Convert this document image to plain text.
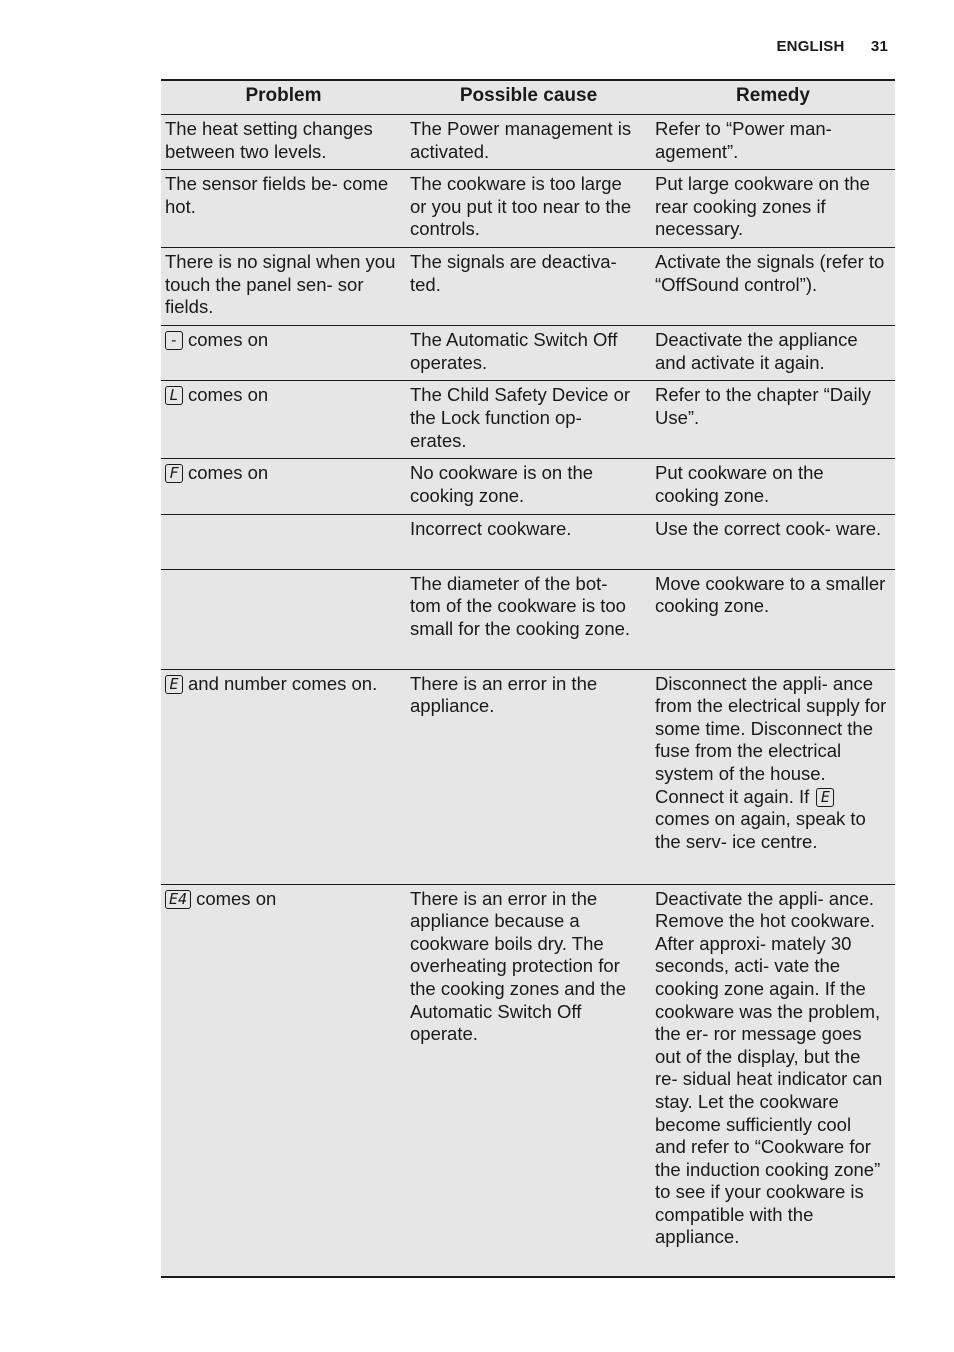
ENGLISH 31
Problem	Possible cause	Remedy
The heat setting changes between two levels.	The Power management is activated.	Refer to “Power man- agement”.
The sensor fields be- come hot.	The cookware is too large or you put it too near to the controls.	Put large cookware on the rear cooking zones if necessary.
There is no signal when you touch the panel sen- sor fields.	The signals are deactiva- ted.	Activate the signals (refer to “OffSound control”).
- comes on	The Automatic Switch Off operates.	Deactivate the appliance and activate it again.
L comes on	The Child Safety Device or the Lock function op- erates.	Refer to the chapter “Daily Use”.
F comes on	No cookware is on the cooking zone.	Put cookware on the cooking zone.
	Incorrect cookware.	Use the correct cook- ware.
	The diameter of the bot- tom of the cookware is too small for the cooking zone.	Move cookware to a smaller cooking zone.
E and number comes on.	There is an error in the appliance.	Disconnect the appli- ance from the electrical supply for some time. Disconnect the fuse from the electrical system of the house. Connect it again. If E comes on again, speak to the serv- ice centre.
E4 comes on	There is an error in the appliance because a cookware boils dry. The overheating protection for the cooking zones and the Automatic Switch Off operate.	Deactivate the appli- ance. Remove the hot cookware. After approxi- mately 30 seconds, acti- vate the cooking zone again. If the cookware was the problem, the er- ror message goes out of the display, but the re- sidual heat indicator can stay. Let the cookware become sufficiently cool and refer to “Cookware for the induction cooking zone” to see if your cookware is compatible with the appliance.
